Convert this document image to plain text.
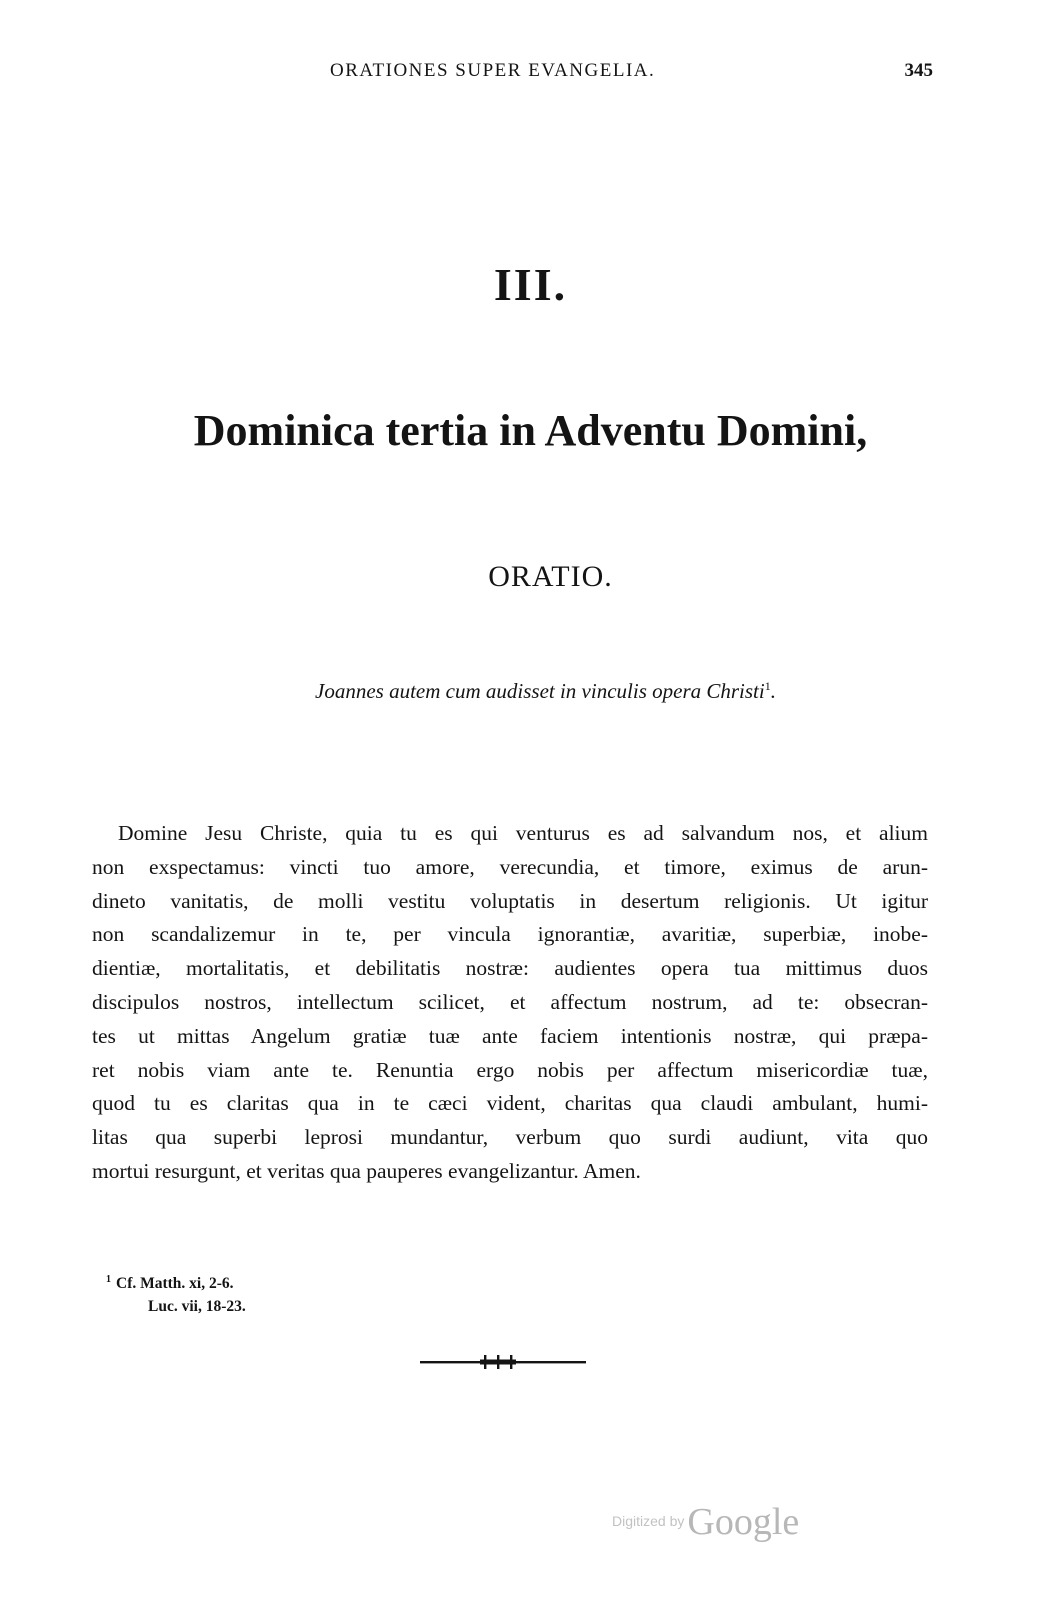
ORATIONES SUPER EVANGELIA.	345
III.
Dominica tertia in Adventu Domini,
ORATIO.
Joannes autem cum audisset in vinculis opera Christi$^1$.

Domine Jesu Christe, quia tu es qui venturus es ad salvandum nos, et alium
non exspectamus: vincti tuo amore, verecundia, et timore, eximus de arun-
dineto vanitatis, de molli vestitu voluptatis in desertum religionis. Ut igitur
non scandalizemur in te, per vincula ignorantiæ, avaritiæ, superbiæ, inobe-
dientiæ, mortalitatis, et debilitatis nostræ: audientes opera tua mittimus duos
discipulos nostros, intellectum scilicet, et affectum nostrum, ad te: obsecran-
tes ut mittas Angelum gratiæ tuæ ante faciem intentionis nostræ, qui præpa-
ret nobis viam ante te. Renuntia ergo nobis per affectum misericordiæ tuæ,
quod tu es claritas qua in te cæci vident, charitas qua claudi ambulant, humi-
litas qua superbi leprosi mundantur, verbum quo surdi audiunt, vita quo
mortui resurgunt, et veritas qua pauperes evangelizantur. Amen.

$^1$ Cf. Matth. xi, 2-6.
Luc. vii, 18-23.
Digitized byGoogle
